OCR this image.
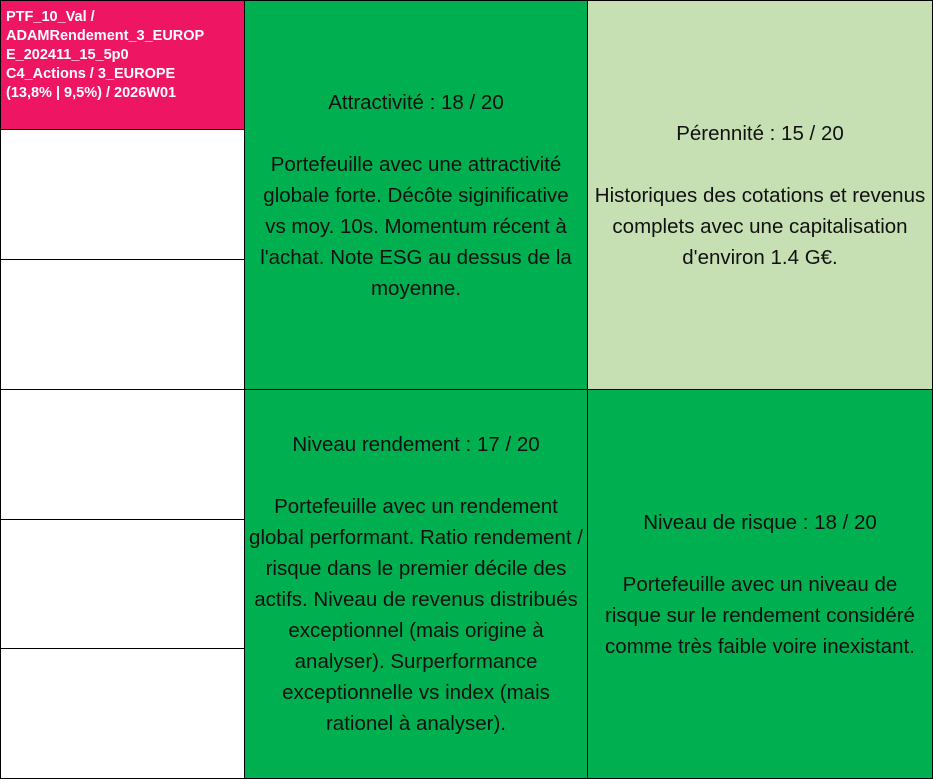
PTF_10_Val /
ADAMRendement_3_EUROP
E_202411_15_5p0
C4_Actions / 3_EUROPE
(13,8% | 9,5%) / 2026W01	Attractivité : 18 / 20
Portefeuille avec une attractivité globale forte. Décôte siginificative vs moy. 10s. Momentum récent à l'achat. Note ESG au dessus de la moyenne.
Pérennité : 15 / 20
Historiques des cotations et revenus complets avec une capitalisation d'environ 1.4 G€.
Niveau rendement : 17 / 20
Portefeuille avec un rendement global performant. Ratio rendement / risque dans le premier décile des actifs. Niveau de revenus distribués exceptionnel (mais origine à analyser). Surperformance exceptionnelle vs index (mais rationel à analyser).
Niveau de risque : 18 / 20
Portefeuille avec un niveau de risque sur le rendement considéré comme très faible voire inexistant.
